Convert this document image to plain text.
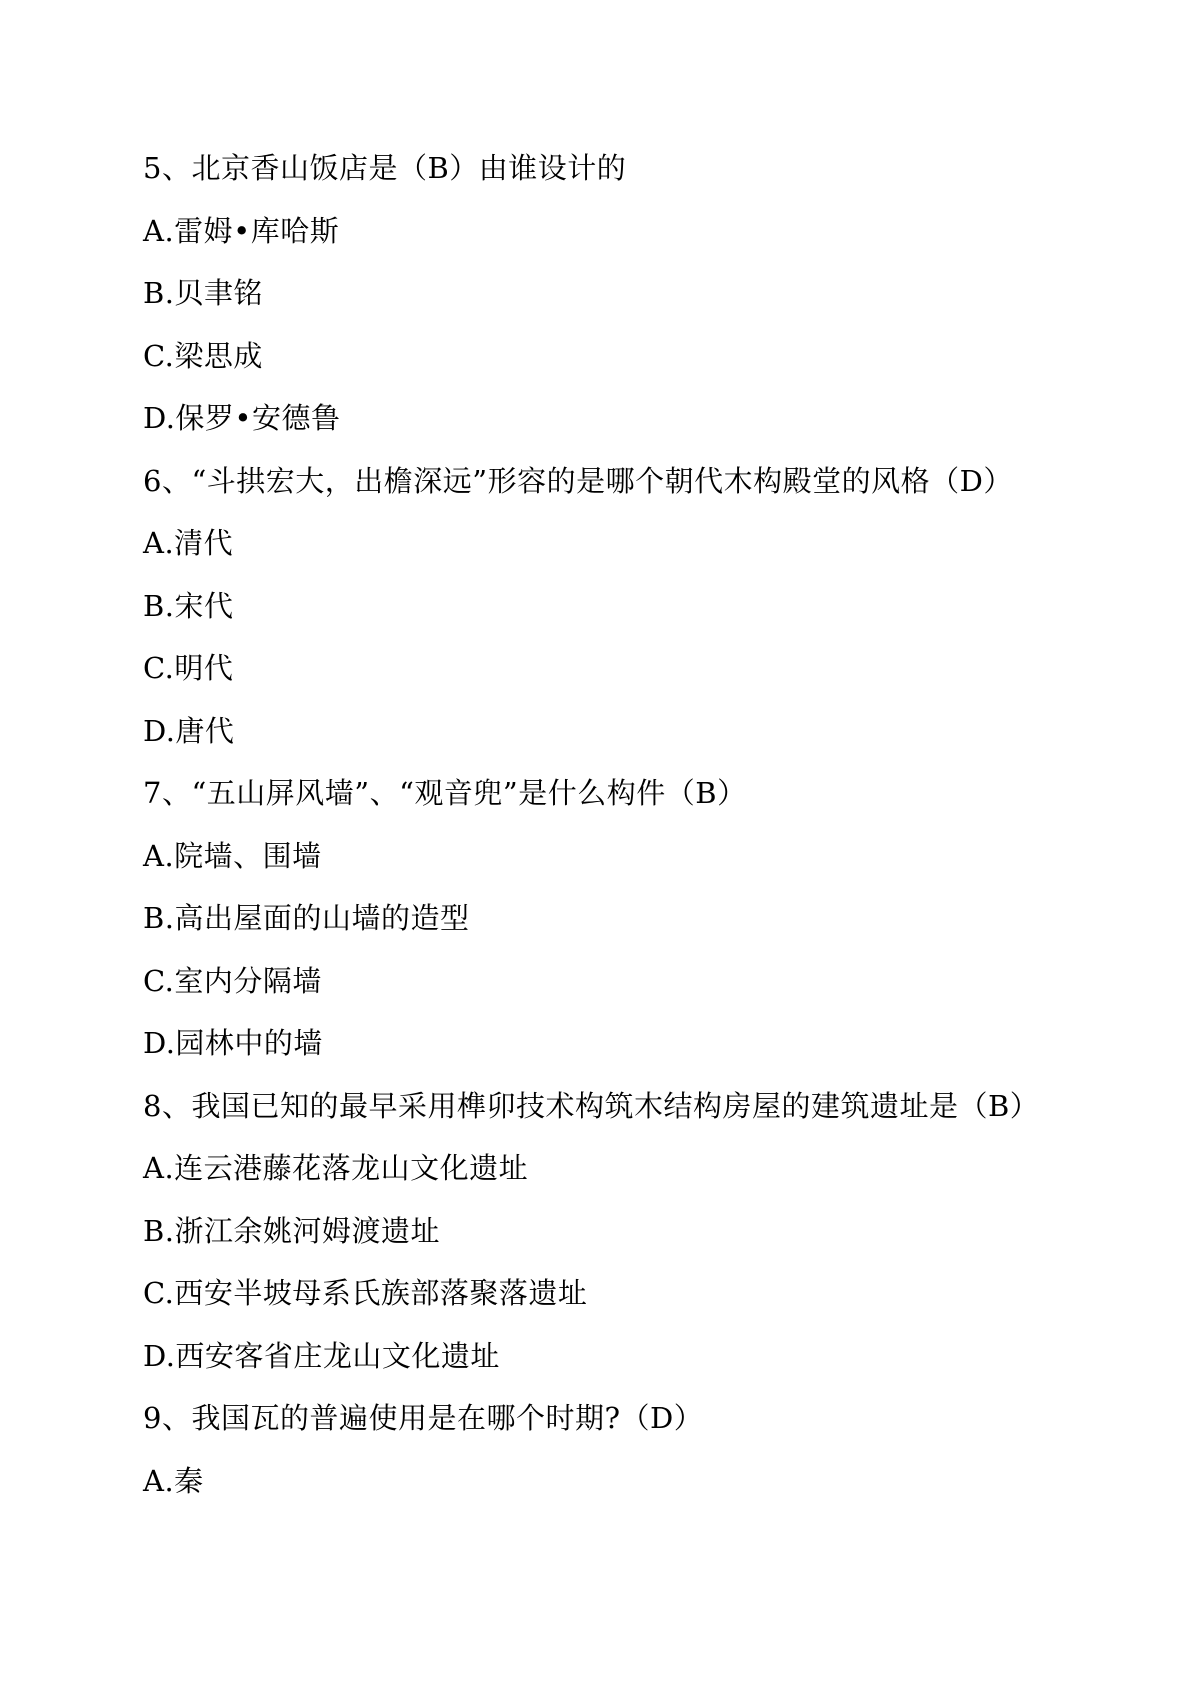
5、北京香山饭店是（B）由谁设计的
A.雷姆•库哈斯
B.贝聿铭
C.梁思成
D.保罗•安德鲁
6、“斗拱宏大，出檐深远”形容的是哪个朝代木构殿堂的风格（D）
A.清代
B.宋代
C.明代
D.唐代
7、“五山屏风墙”、“观音兜”是什么构件（B）
A.院墙、围墙
B.高出屋面的山墙的造型
C.室内分隔墙
D.园林中的墙
8、我国已知的最早采用榫卯技术构筑木结构房屋的建筑遗址是（B）
A.连云港藤花落龙山文化遗址
B.浙江余姚河姆渡遗址
C.西安半坡母系氏族部落聚落遗址
D.西安客省庄龙山文化遗址
9、我国瓦的普遍使用是在哪个时期?（D）
A.秦
